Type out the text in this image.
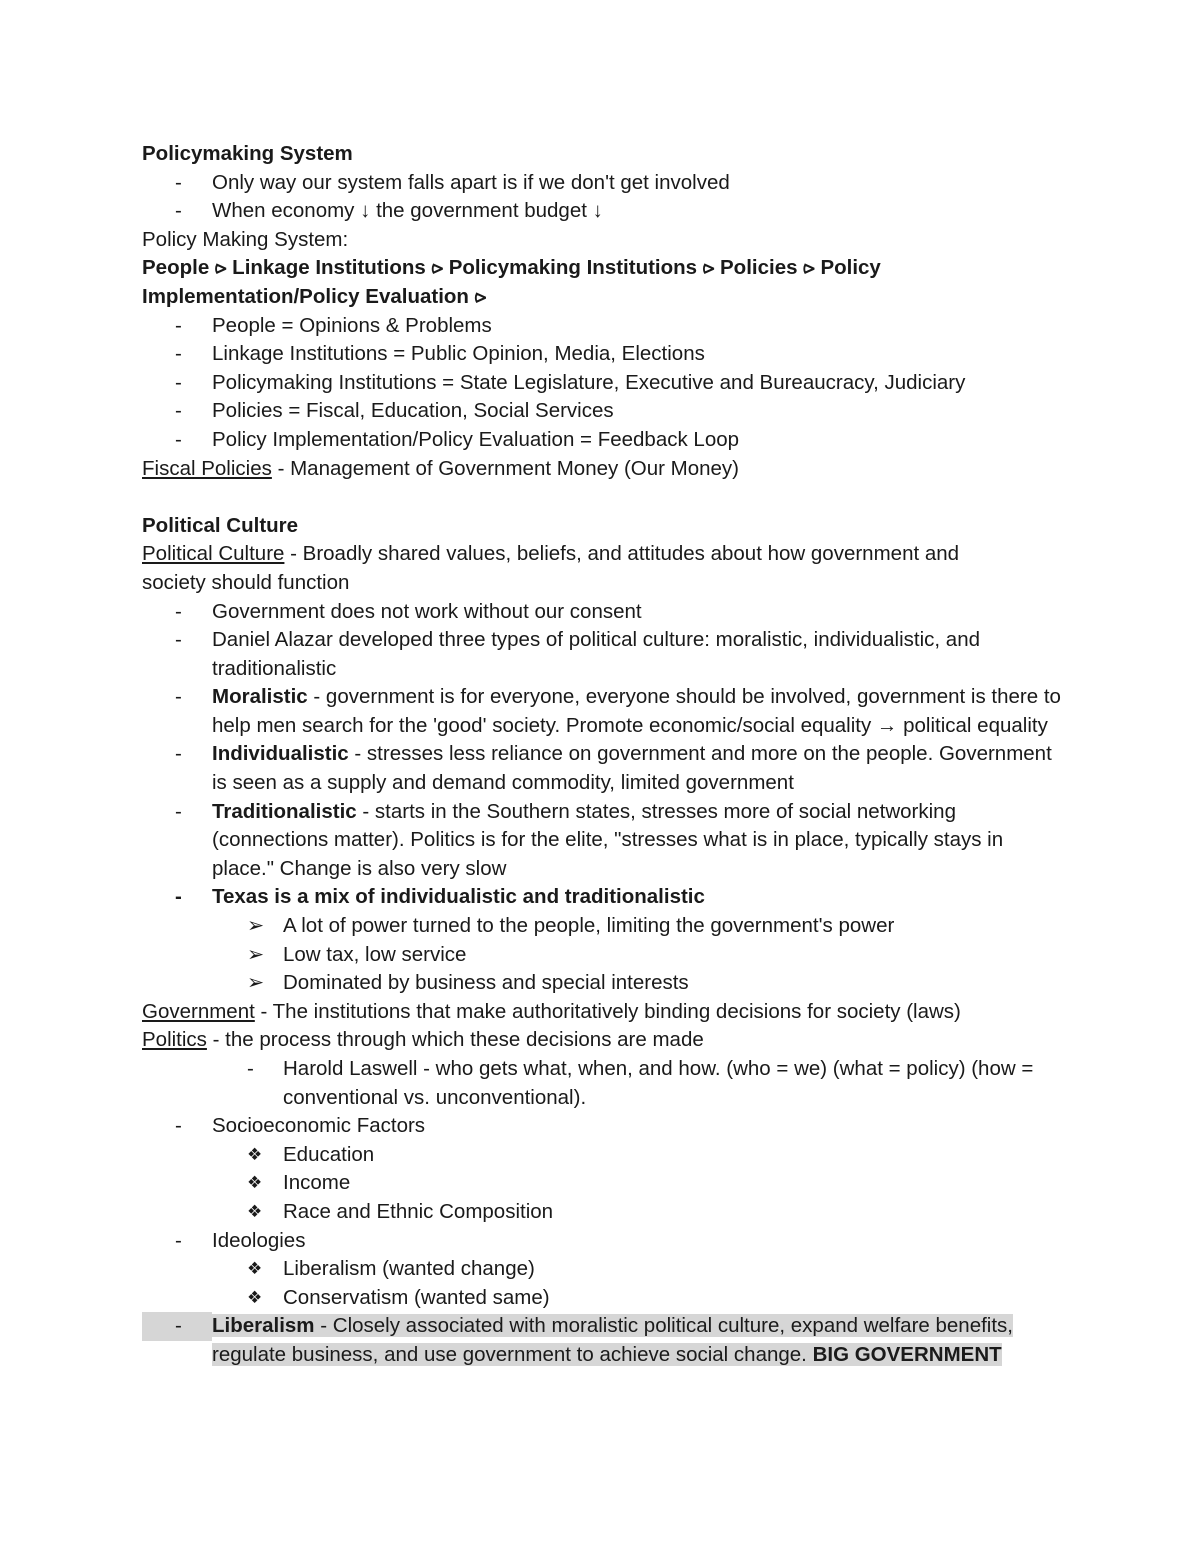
Policymaking System

-	Only way our system falls apart is if we don't get involved
-	When economy ↓ the government budget ↓

Policy Making System:

People ⪧ Linkage Institutions ⪧ Policymaking Institutions ⪧ Policies ⪧ Policy

Implementation/Policy Evaluation ⪧

-	People = Opinions & Problems
-	Linkage Institutions = Public Opinion, Media, Elections
-	Policymaking Institutions = State Legislature, Executive and Bureaucracy, Judiciary
-	Policies = Fiscal, Education, Social Services
-	Policy Implementation/Policy Evaluation = Feedback Loop

Fiscal Policies - Management of Government Money (Our Money)

Political Culture

Political Culture - Broadly shared values, beliefs, and attitudes about how government and society should function

-	Government does not work without our consent
-	Daniel Alazar developed three types of political culture: moralistic, individualistic, and traditionalistic
-	Moralistic - government is for everyone, everyone should be involved, government is there to help men search for the 'good' society. Promote economic/social equality → political equality
-	Individualistic - stresses less reliance on government and more on the people. Government is seen as a supply and demand commodity, limited government
-	Traditionalistic - starts in the Southern states, stresses more of social networking (connections matter). Politics is for the elite, "stresses what is in place, typically stays in place." Change is also very slow
-	Texas is a mix of individualistic and traditionalistic
➢ A lot of power turned to the people, limiting the government's power
➢ Low tax, low service
➢ Dominated by business and special interests

Government - The institutions that make authoritatively binding decisions for society (laws)

Politics - the process through which these decisions are made

-	Harold Laswell - who gets what, when, and how. (who = we) (what = policy) (how = conventional vs. unconventional).
-	Socioeconomic Factors
❖	Education
❖	Income
❖	Race and Ethnic Composition
-	Ideologies
❖	Liberalism (wanted change)
❖	Conservatism (wanted same)
-	Liberalism - Closely associated with moralistic political culture, expand welfare benefits, regulate business, and use government to achieve social change. BIG GOVERNMENT
